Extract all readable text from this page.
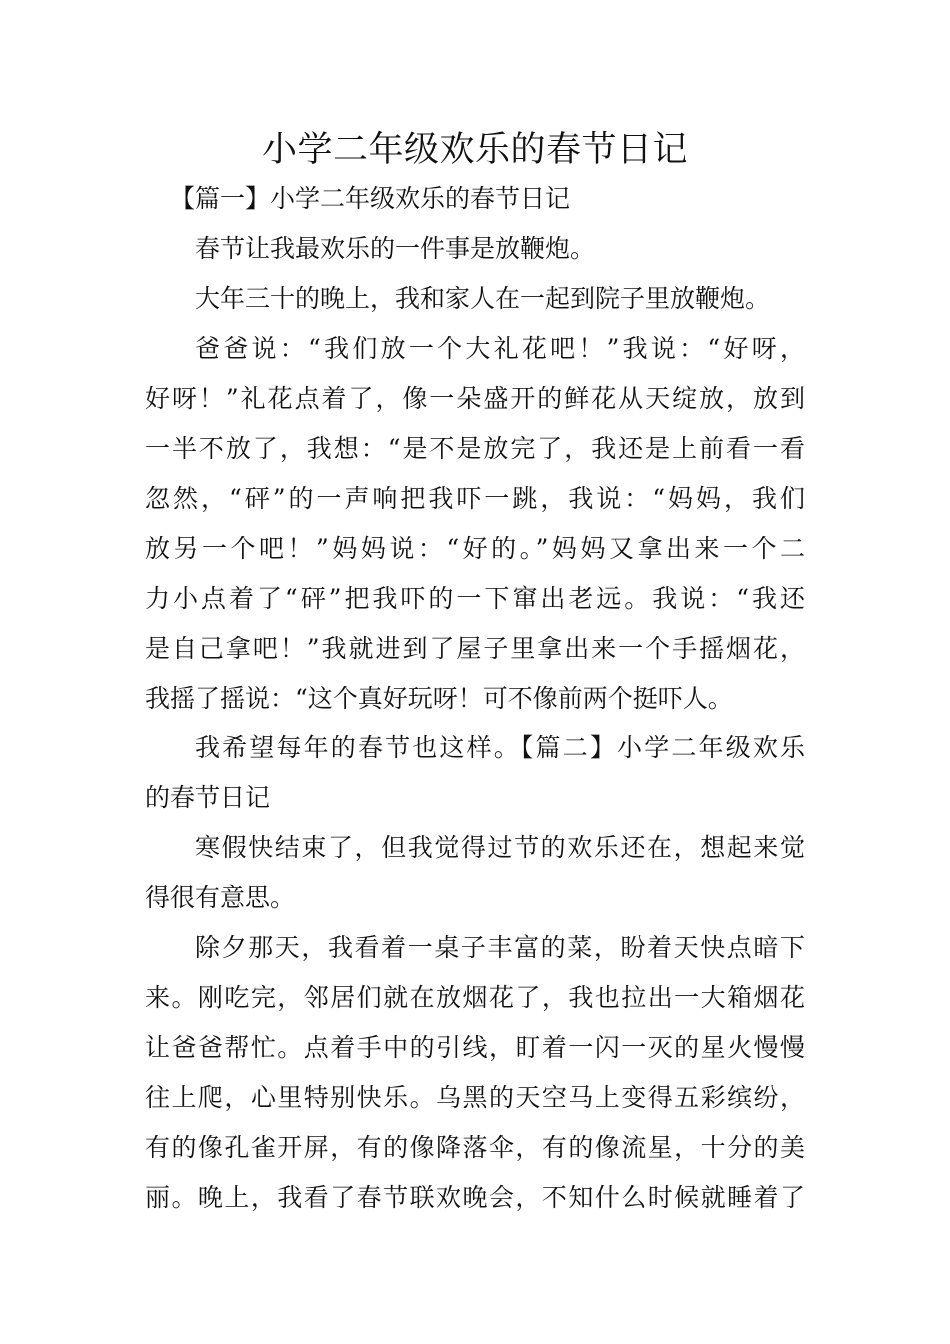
小学二年级欢乐的春节日记
【篇一】小学二年级欢乐的春节日记
春节让我最欢乐的一件事是放鞭炮。
大年三十的晚上，我和家人在一起到院子里放鞭炮。
爸爸说：“我们放一个大礼花吧！”我说：“好呀，
好呀！”礼花点着了，像一朵盛开的鲜花从天绽放，放到
一半不放了，我想：“是不是放完了，我还是上前看一看
忽然，“砰”的一声响把我吓一跳，我说：“妈妈，我们
放另一个吧！”妈妈说：“好的。”妈妈又拿出来一个二
力小点着了“砰”把我吓的一下窜出老远。我说：“我还
是自己拿吧！”我就进到了屋子里拿出来一个手摇烟花，
我摇了摇说：“这个真好玩呀！可不像前两个挺吓人。
我希望每年的春节也这样。【篇二】小学二年级欢乐
的春节日记
寒假快结束了，但我觉得过节的欢乐还在，想起来觉
得很有意思。
除夕那天，我看着一桌子丰富的菜，盼着天快点暗下
来。刚吃完，邻居们就在放烟花了，我也拉出一大箱烟花
让爸爸帮忙。点着手中的引线，盯着一闪一灭的星火慢慢
往上爬，心里特别快乐。乌黑的天空马上变得五彩缤纷，
有的像孔雀开屏，有的像降落伞，有的像流星，十分的美
丽。晚上，我看了春节联欢晚会，不知什么时候就睡着了
